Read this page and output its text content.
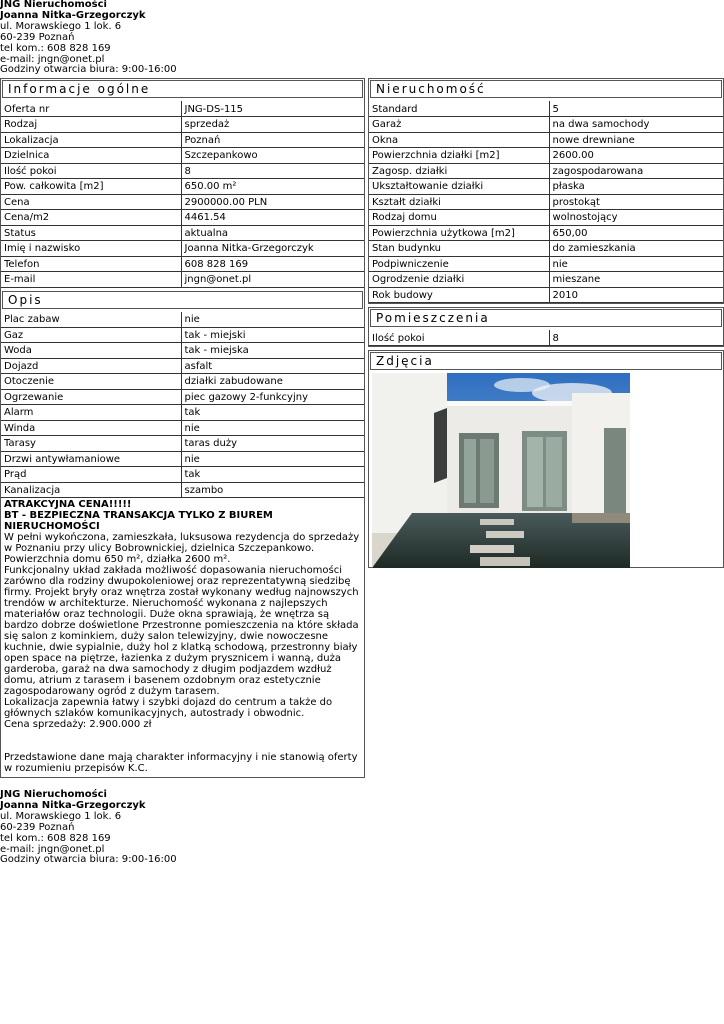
JNG Nieruchomości
Joanna Nitka-Grzegorczyk
ul. Morawskiego 1 lok. 6
60-239 Poznań
tel kom.: 608 828 169
e-mail: jngn@onet.pl
Godziny otwarcia biura: 9:00-16:00
Informacje ogólne
Oferta nr	JNG-DS-115
Rodzaj	sprzedaż
Lokalizacja	Poznań
Dzielnica	Szczepankowo
Ilość pokoi	8
Pow. całkowita [m2]	650.00 m²
Cena	2900000.00 PLN
Cena/m2	4461.54
Status	aktualna
Imię i nazwisko	Joanna Nitka-Grzegorczyk
Telefon	608 828 169
E-mail	jngn@onet.pl
Opis
Plac zabaw	nie
Gaz	tak - miejski
Woda	tak - miejska
Dojazd	asfalt
Otoczenie	działki zabudowane
Ogrzewanie	piec gazowy 2-funkcyjny
Alarm	tak
Winda	nie
Tarasy	taras duży
Drzwi antywłamaniowe	nie
Prąd	tak
Kanalizacja	szambo
ATRAKCYJNA CENA!!!!!
BT - BEZPIECZNA TRANSAKCJA TYLKO Z BIUREM NIERUCHOMOŚCI

W pełni wykończona, zamieszkała, luksusowa rezydencja do sprzedaży w Poznaniu przy ulicy Bobrownickiej, dzielnica Szczepankowo. Powierzchnia domu 650 m², działka 2600 m².

Funkcjonalny układ zakłada możliwość dopasowania nieruchomości zarówno dla rodziny dwupokoleniowej oraz reprezentatywną siedzibę firmy. Projekt bryły oraz wnętrza został wykonany według najnowszych trendów w architekturze. Nieruchomość wykonana z najlepszych materiałów oraz technologii. Duże okna sprawiają, że wnętrza są bardzo dobrze doświetlone Przestronne pomieszczenia na które składa się salon z kominkiem, duży salon telewizyjny, dwie nowoczesne kuchnie, dwie sypialnie, duży hol z klatką schodową, przestronny biały open space na piętrze, łazienka z dużym prysznicem i wanną, duża garderoba, garaż na dwa samochody z długim podjazdem wzdłuż domu, atrium z tarasem i basenem ozdobnym oraz estetycznie zagospodarowany ogród z dużym tarasem.

Lokalizacja zapewnia łatwy i szybki dojazd do centrum a także do głównych szlaków komunikacyjnych, autostrady i obwodnic.

Cena sprzedaży: 2.900.000 zł

Przedstawione dane mają charakter informacyjny i nie stanowią oferty w rozumieniu przepisów K.C.

Nieruchomość
Standard	5
Garaż	na dwa samochody
Okna	nowe drewniane
Powierzchnia działki [m2]	2600.00
Zagosp. działki	zagospodarowana
Ukształtowanie działki	płaska
Kształt działki	prostokąt
Rodzaj domu	wolnostojący
Powierzchnia użytkowa [m2]	650,00
Stan budynku	do zamieszkania
Podpiwniczenie	nie
Ogrodzenie działki	mieszane
Rok budowy	2010
Pomieszczenia
Ilość pokoi	8
Zdjęcia
JNG Nieruchomości
Joanna Nitka-Grzegorczyk
ul. Morawskiego 1 lok. 6
60-239 Poznań
tel kom.: 608 828 169
e-mail: jngn@onet.pl
Godziny otwarcia biura: 9:00-16:00
